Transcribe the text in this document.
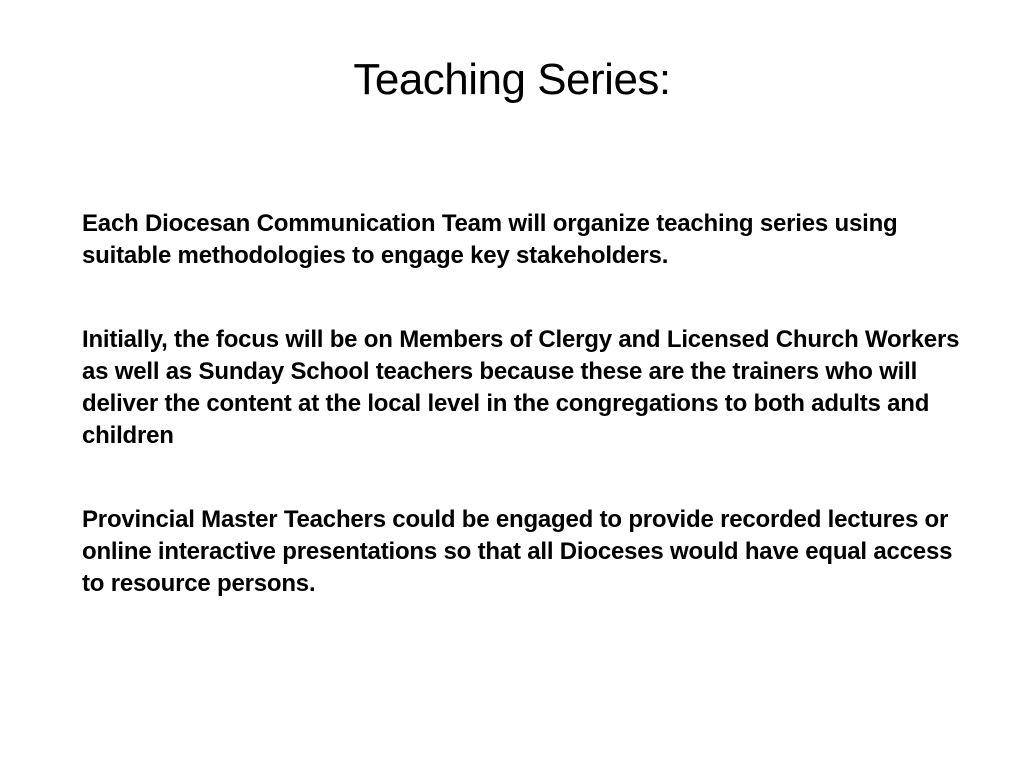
Teaching Series:

Each Diocesan Communication Team will organize teaching series using suitable methodologies to engage key stakeholders.

Initially, the focus will be on Members of Clergy and Licensed Church Workers as well as Sunday School teachers because these are the trainers who will deliver the content at the local level in the congregations to both adults and children

Provincial Master Teachers could be engaged to provide recorded lectures or online interactive presentations so that all Dioceses would have equal access to resource persons.
